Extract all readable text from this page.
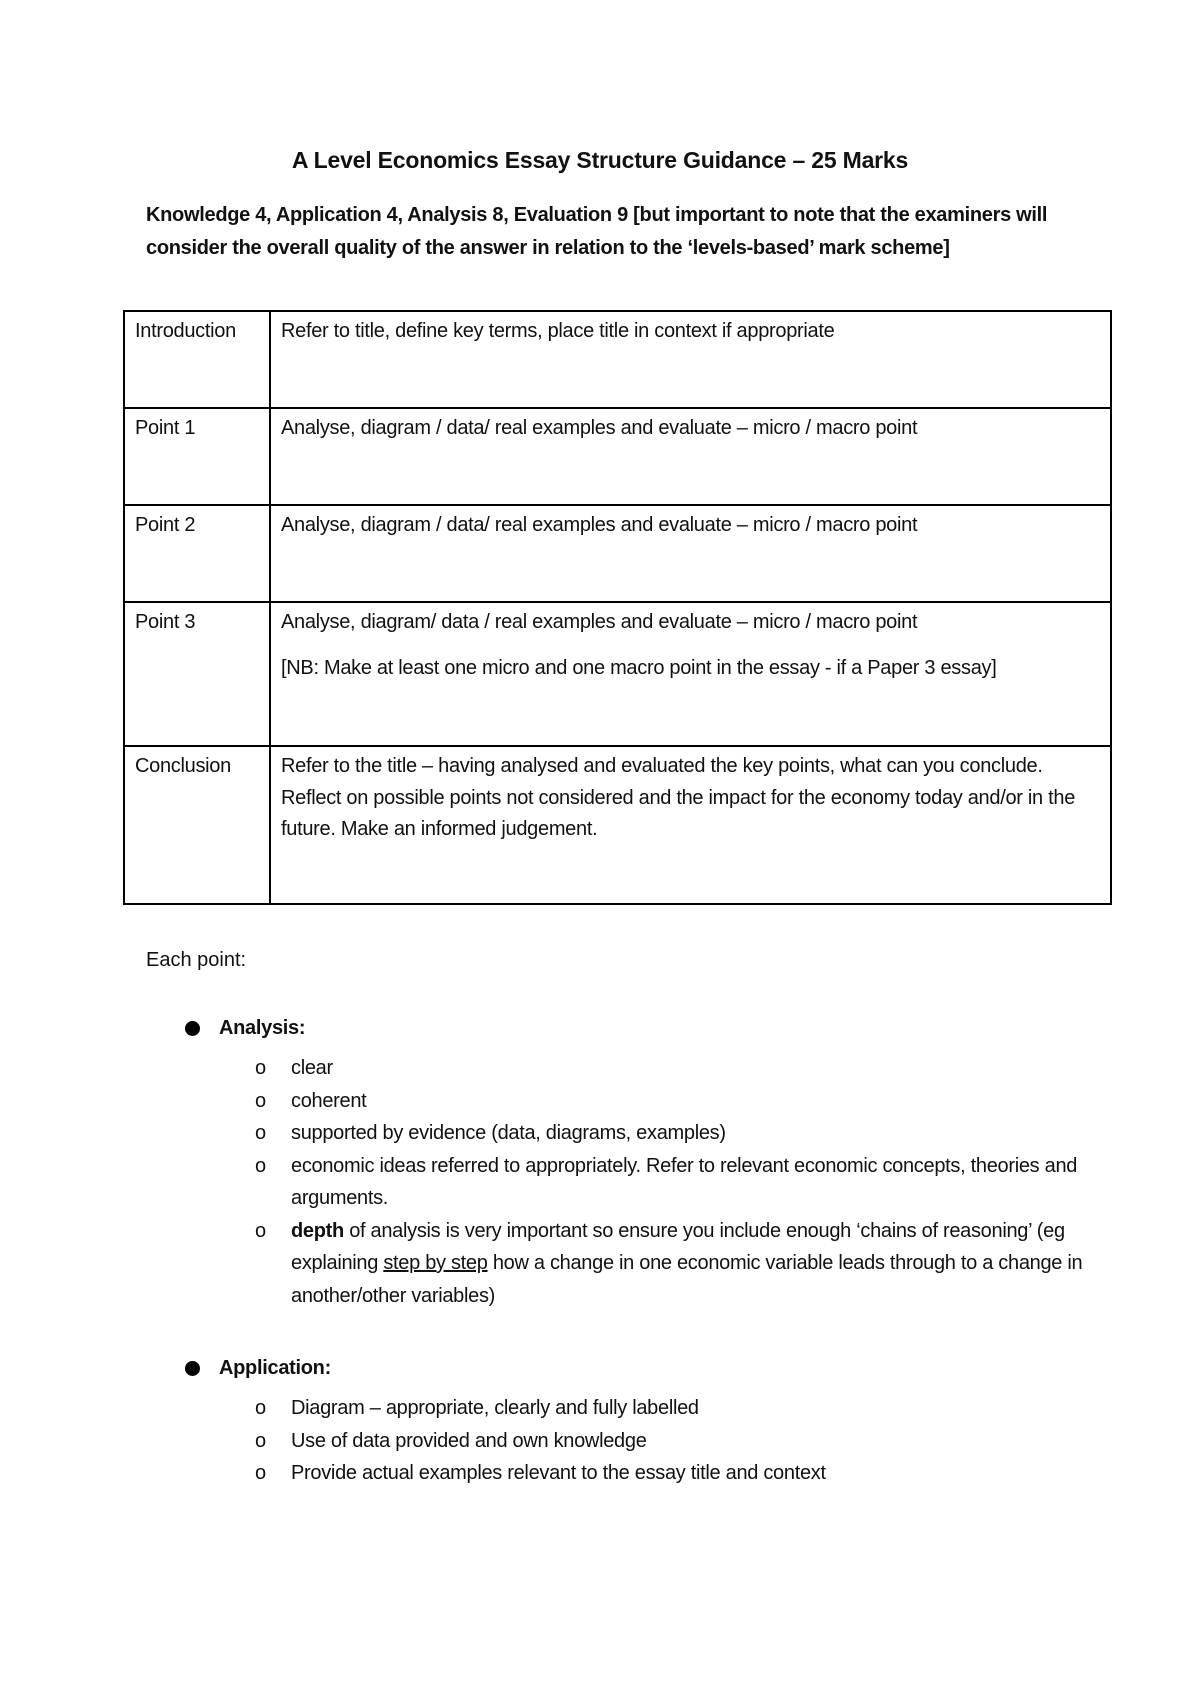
A Level Economics Essay Structure Guidance – 25 Marks
Knowledge 4, Application 4, Analysis 8, Evaluation 9 [but important to note that the examiners will consider the overall quality of the answer in relation to the ‘levels-based’ mark scheme]
Introduction	Refer to title, define key terms, place title in context if appropriate
Point 1	Analyse, diagram / data/ real examples and evaluate – micro / macro point
Point 2	Analyse, diagram / data/ real examples and evaluate – micro / macro point
Point 3	Analyse, diagram/ data / real examples and evaluate – micro / macro point
[NB: Make at least one micro and one macro point in the essay - if a Paper 3 essay]

Conclusion	Refer to the title – having analysed and evaluated the key points, what can you conclude. Reflect on possible points not considered and the impact for the economy today and/or in the future. Make an informed judgement.
Each point:
Analysis:
o clear
o coherent
o supported by evidence (data, diagrams, examples)
o economic ideas referred to appropriately. Refer to relevant economic concepts, theories and arguments.
o depth of analysis is very important so ensure you include enough ‘chains of reasoning’ (eg explaining step by step how a change in one economic variable leads through to a change in another/other variables)
Application:
o Diagram – appropriate, clearly and fully labelled
o Use of data provided and own knowledge
o Provide actual examples relevant to the essay title and context
